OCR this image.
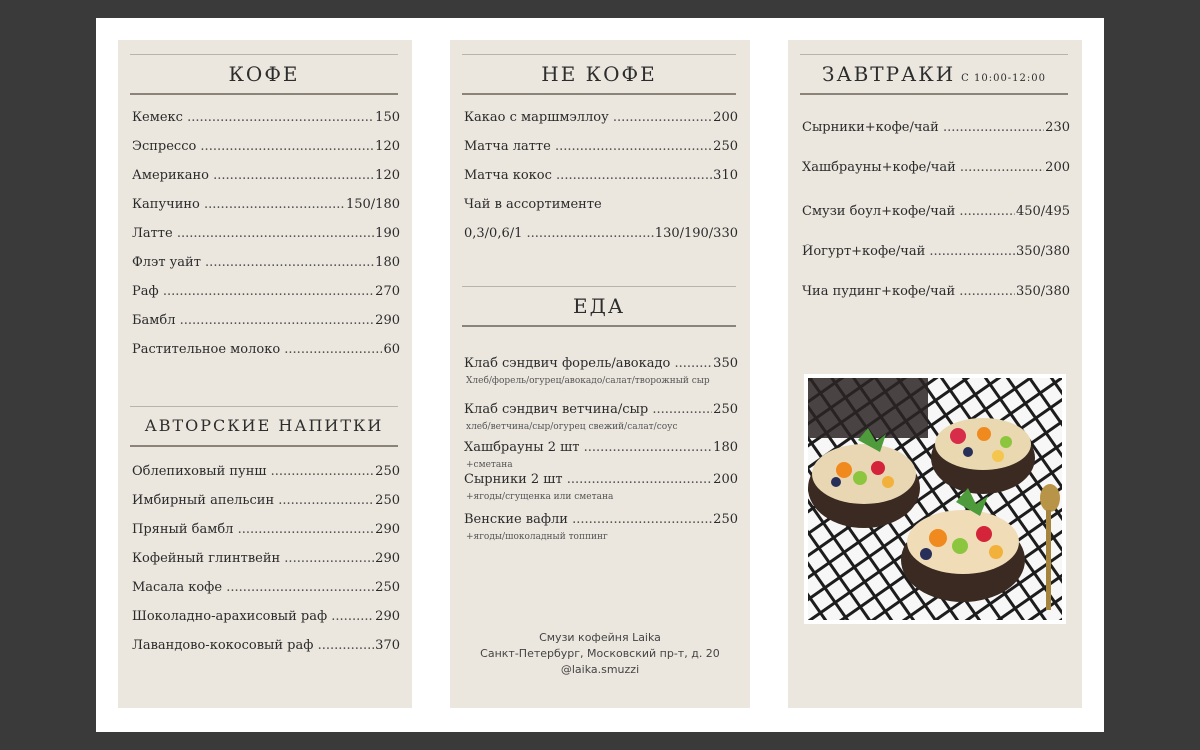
КОФЕ
Кемекс .....	150
Эспрессо .....	120
Американо .....	120
Капучино .....	150/180
Латте .....	190
Флэт уайт .....	180
Раф .....	270
Бамбл .....	290
Растительное молоко .....	60
АВТОРСКИЕ НАПИТКИ
Облепиховый пунш .....	250
Имбирный апельсин .....	250
Пряный бамбл .....	290
Кофейный глинтвейн .....	290
Масала кофе .....	250
Шоколадно-арахисовый раф .....	290
Лавандово-кокосовый раф .....	370
НЕ КОФЕ
Какао с маршмэллоу .....	200
Матча латте .....	250
Матча кокос .....	310
Чай в ассортименте
0,3/0,6/1 .....	130/190/330
ЕДА
Клаб сэндвич форель/авокадо .....	350
Хлеб/форель/огурец/авокадо/салат/творожный сыр
Клаб сэндвич ветчина/сыр .....	250
хлеб/ветчина/сыр/огурец свежий/салат/соус
Хашбрауны 2 шт .....	180
+сметана
Сырники 2 шт .....	200
+ягоды/сгущенка или сметана
Венские вафли .....	250
+ягоды/шоколадный топпинг
Смузи кофейня Laika
Санкт-Петербург, Московский пр-т, д. 20
@laika.smuzzi
ЗАВТРАКИ С 10:00-12:00
Сырники+кофе/чай .....	230
Хашбрауны+кофе/чай .....	200
Смузи боул+кофе/чай .....	450/495
Йогурт+кофе/чай .....	350/380
Чиа пудинг+кофе/чай .....	350/380
